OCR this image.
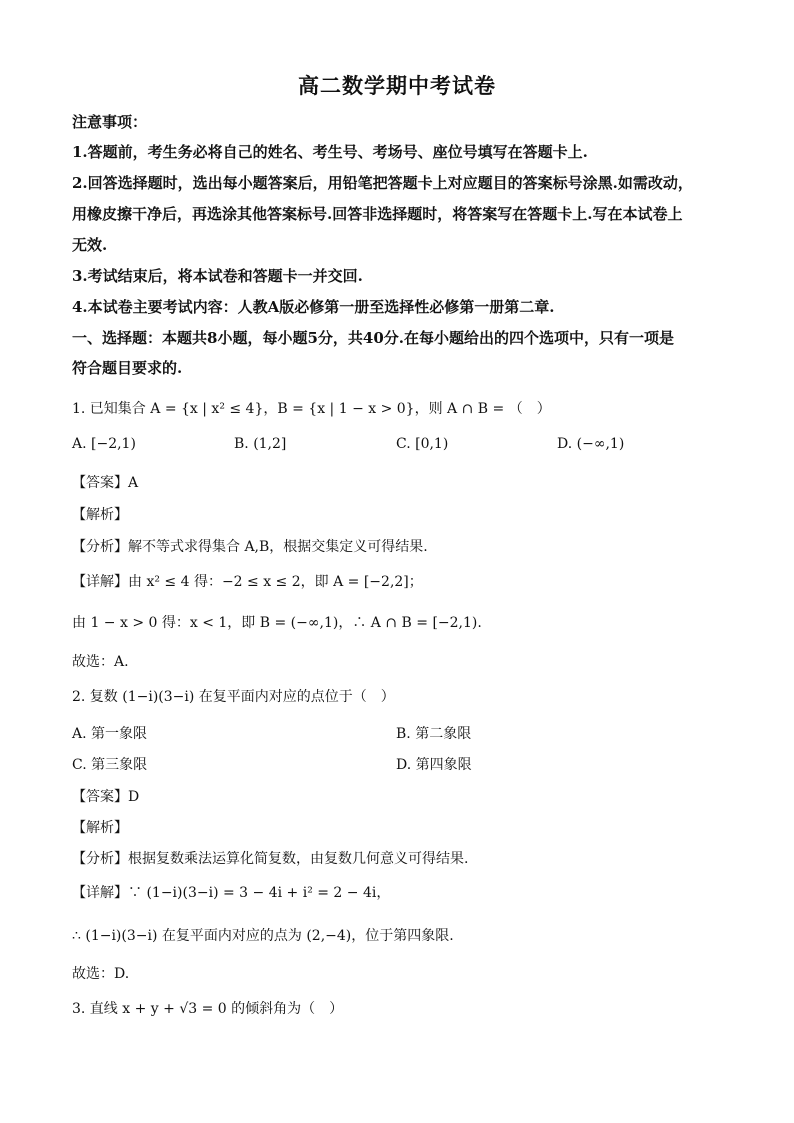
高二数学期中考试卷
注意事项：
1.答题前，考生务必将自己的姓名、考生号、考场号、座位号填写在答题卡上.
2.回答选择题时，选出每小题答案后，用铅笔把答题卡上对应题目的答案标号涂黑.如需改动，
用橡皮擦干净后，再选涂其他答案标号.回答非选择题时，将答案写在答题卡上.写在本试卷上
无效.
3.考试结束后，将本试卷和答题卡一并交回.
4.本试卷主要考试内容：人教A版必修第一册至选择性必修第一册第二章.
一、选择题：本题共8小题，每小题5分，共40分.在每小题给出的四个选项中，只有一项是
符合题目要求的.
1. 已知集合 A = {x | x² ≤ 4}，B = {x | 1 − x > 0}，则 A ∩ B = （　）
A. [−2,1)	B. (1,2]	C. [0,1)	D. (−∞,1)
【答案】A
【解析】
【分析】解不等式求得集合 A,B，根据交集定义可得结果.
【详解】由 x² ≤ 4 得：−2 ≤ x ≤ 2，即 A = [−2,2]；
由 1 − x > 0 得：x < 1，即 B = (−∞,1)，∴ A ∩ B = [−2,1).
故选：A.
2. 复数 (1−i)(3−i) 在复平面内对应的点位于（　）
A. 第一象限	B. 第二象限
C. 第三象限	D. 第四象限
【答案】D
【解析】
【分析】根据复数乘法运算化简复数，由复数几何意义可得结果.
【详解】∵ (1−i)(3−i) = 3 − 4i + i² = 2 − 4i，
∴ (1−i)(3−i) 在复平面内对应的点为 (2,−4)，位于第四象限.
故选：D.
3. 直线 x + y + √3 = 0 的倾斜角为（　）
